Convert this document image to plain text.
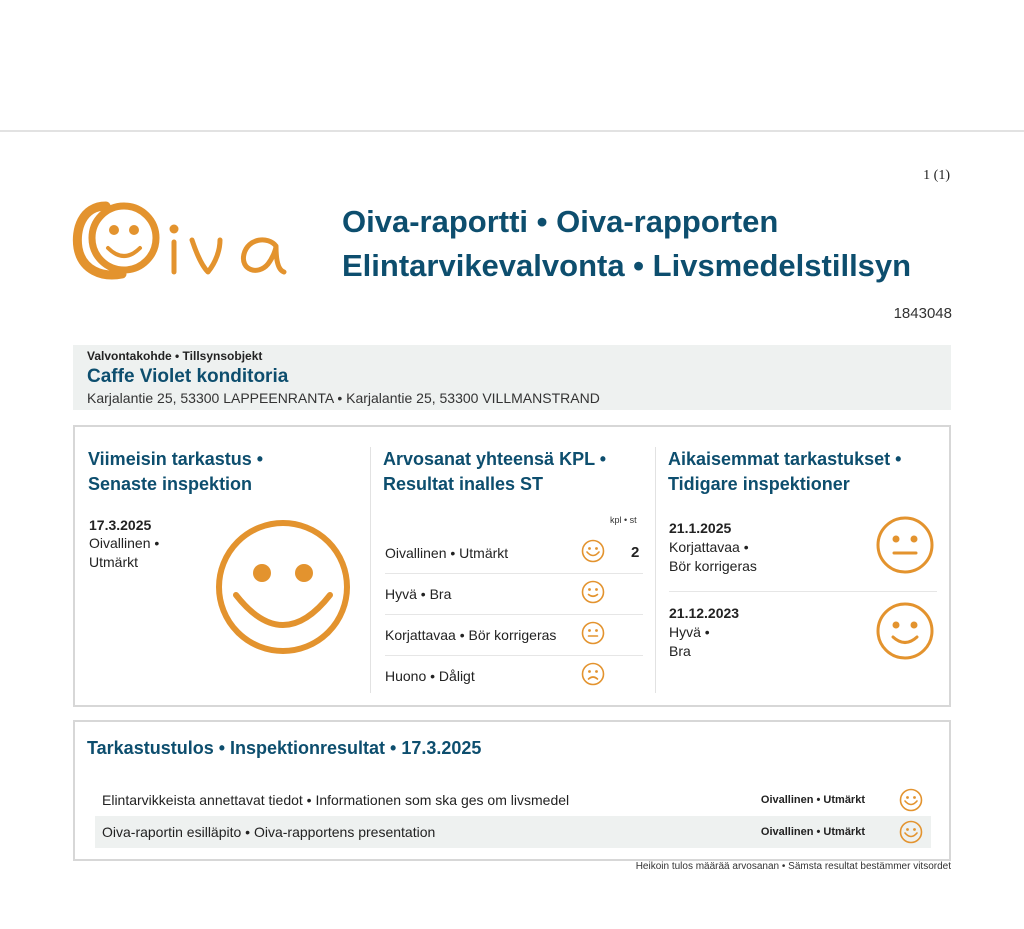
1 (1)
Oiva-raportti • Oiva-rapporten
Elintarvikevalvonta • Livsmedelstillsyn
1843048
Valvontakohde • Tillsynsobjekt
Caffe Violet konditoria
Karjalantie 25, 53300 LAPPEENRANTA • Karjalantie 25, 53300 VILLMANSTRAND
Viimeisin tarkastus •
Senaste inspektion
17.3.2025
Oivallinen •
Utmärkt
Arvosanat yhteensä KPL •
Resultat inalles ST
kpl • st
Oivallinen • Utmärkt	2
Hyvä • Bra
Korjattavaa • Bör korrigeras
Huono • Dåligt
Aikaisemmat tarkastukset •
Tidigare inspektioner
21.1.2025
Korjattavaa •
Bör korrigeras
21.12.2023
Hyvä •
Bra
Tarkastustulos • Inspektionresultat • 17.3.2025
Elintarvikkeista annettavat tiedot • Informationen som ska ges om livsmedel	Oivallinen • Utmärkt
Oiva-raportin esilläpito • Oiva-rapportens presentation	Oivallinen • Utmärkt
Heikoin tulos määrää arvosanan • Sämsta resultat bestämmer vitsordet
